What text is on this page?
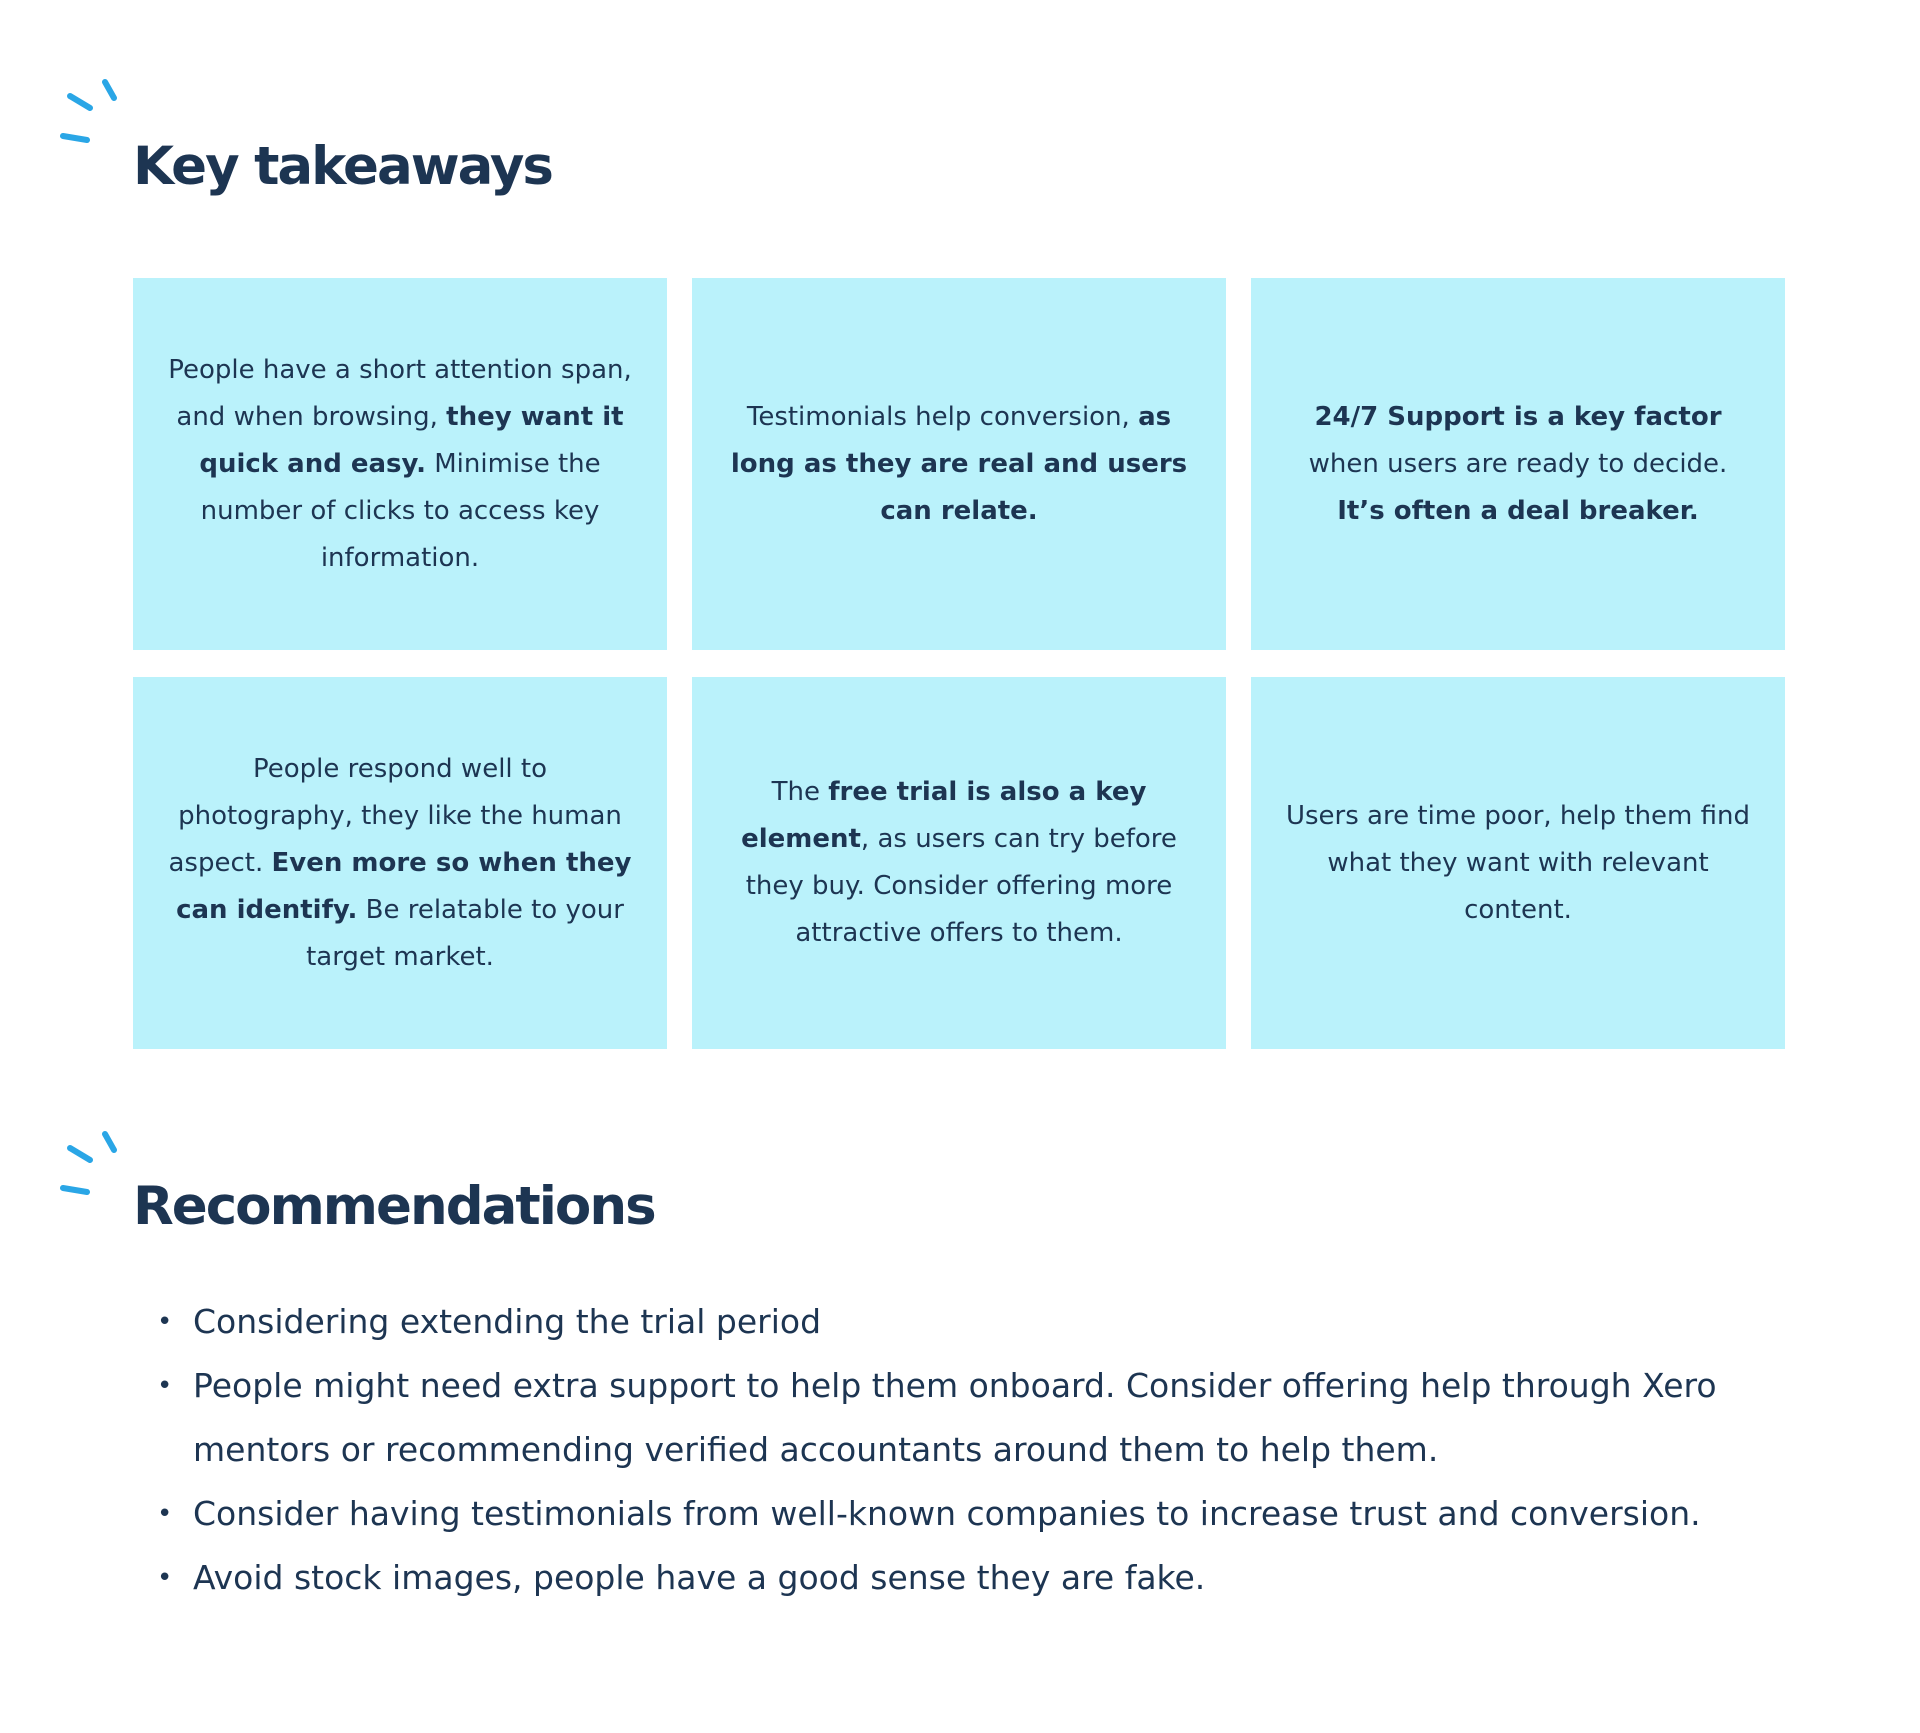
Key takeaways

People have a short attention span, and when browsing, they want it quick and easy. Minimise the number of clicks to access key information.

Testimonials help conversion, as long as they are real and users can relate.

24/7 Support is a key factor when users are ready to decide. It’s often a deal breaker.

People respond well to photography, they like the human aspect. Even more so when they can identify. Be relatable to your target market.

The free trial is also a key element, as users can try before they buy. Consider offering more attractive offers to them.

Users are time poor, help them find what they want with relevant content.

Recommendations
• Considering extending the trial period
• People might need extra support to help them onboard. Consider offering help through Xero mentors or recommending verified accountants around them to help them.
• Consider having testimonials from well-known companies to increase trust and conversion.
• Avoid stock images, people have a good sense they are fake.
